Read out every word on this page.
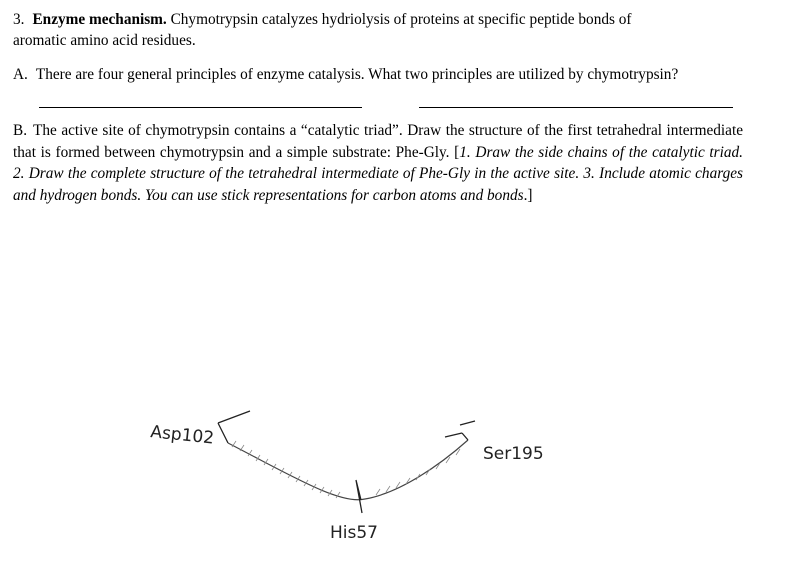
3. Enzyme mechanism. Chymotrypsin catalyzes hydriolysis of proteins at specific peptide bonds of
aromatic amino acid residues.
A. There are four general principles of enzyme catalysis. What two principles are utilized by chymotrypsin?
B. The active site of chymotrypsin contains a “catalytic triad”. Draw the structure of the first tetrahedral intermediate that is formed between chymotrypsin and a simple substrate: Phe-Gly. [1. Draw the side chains of the catalytic triad. 2. Draw the complete structure of the tetrahedral intermediate of Phe-Gly in the active site. 3. Include atomic charges and hydrogen bonds. You can use stick representations for carbon atoms and bonds.]
Asp102
Ser195
His57
